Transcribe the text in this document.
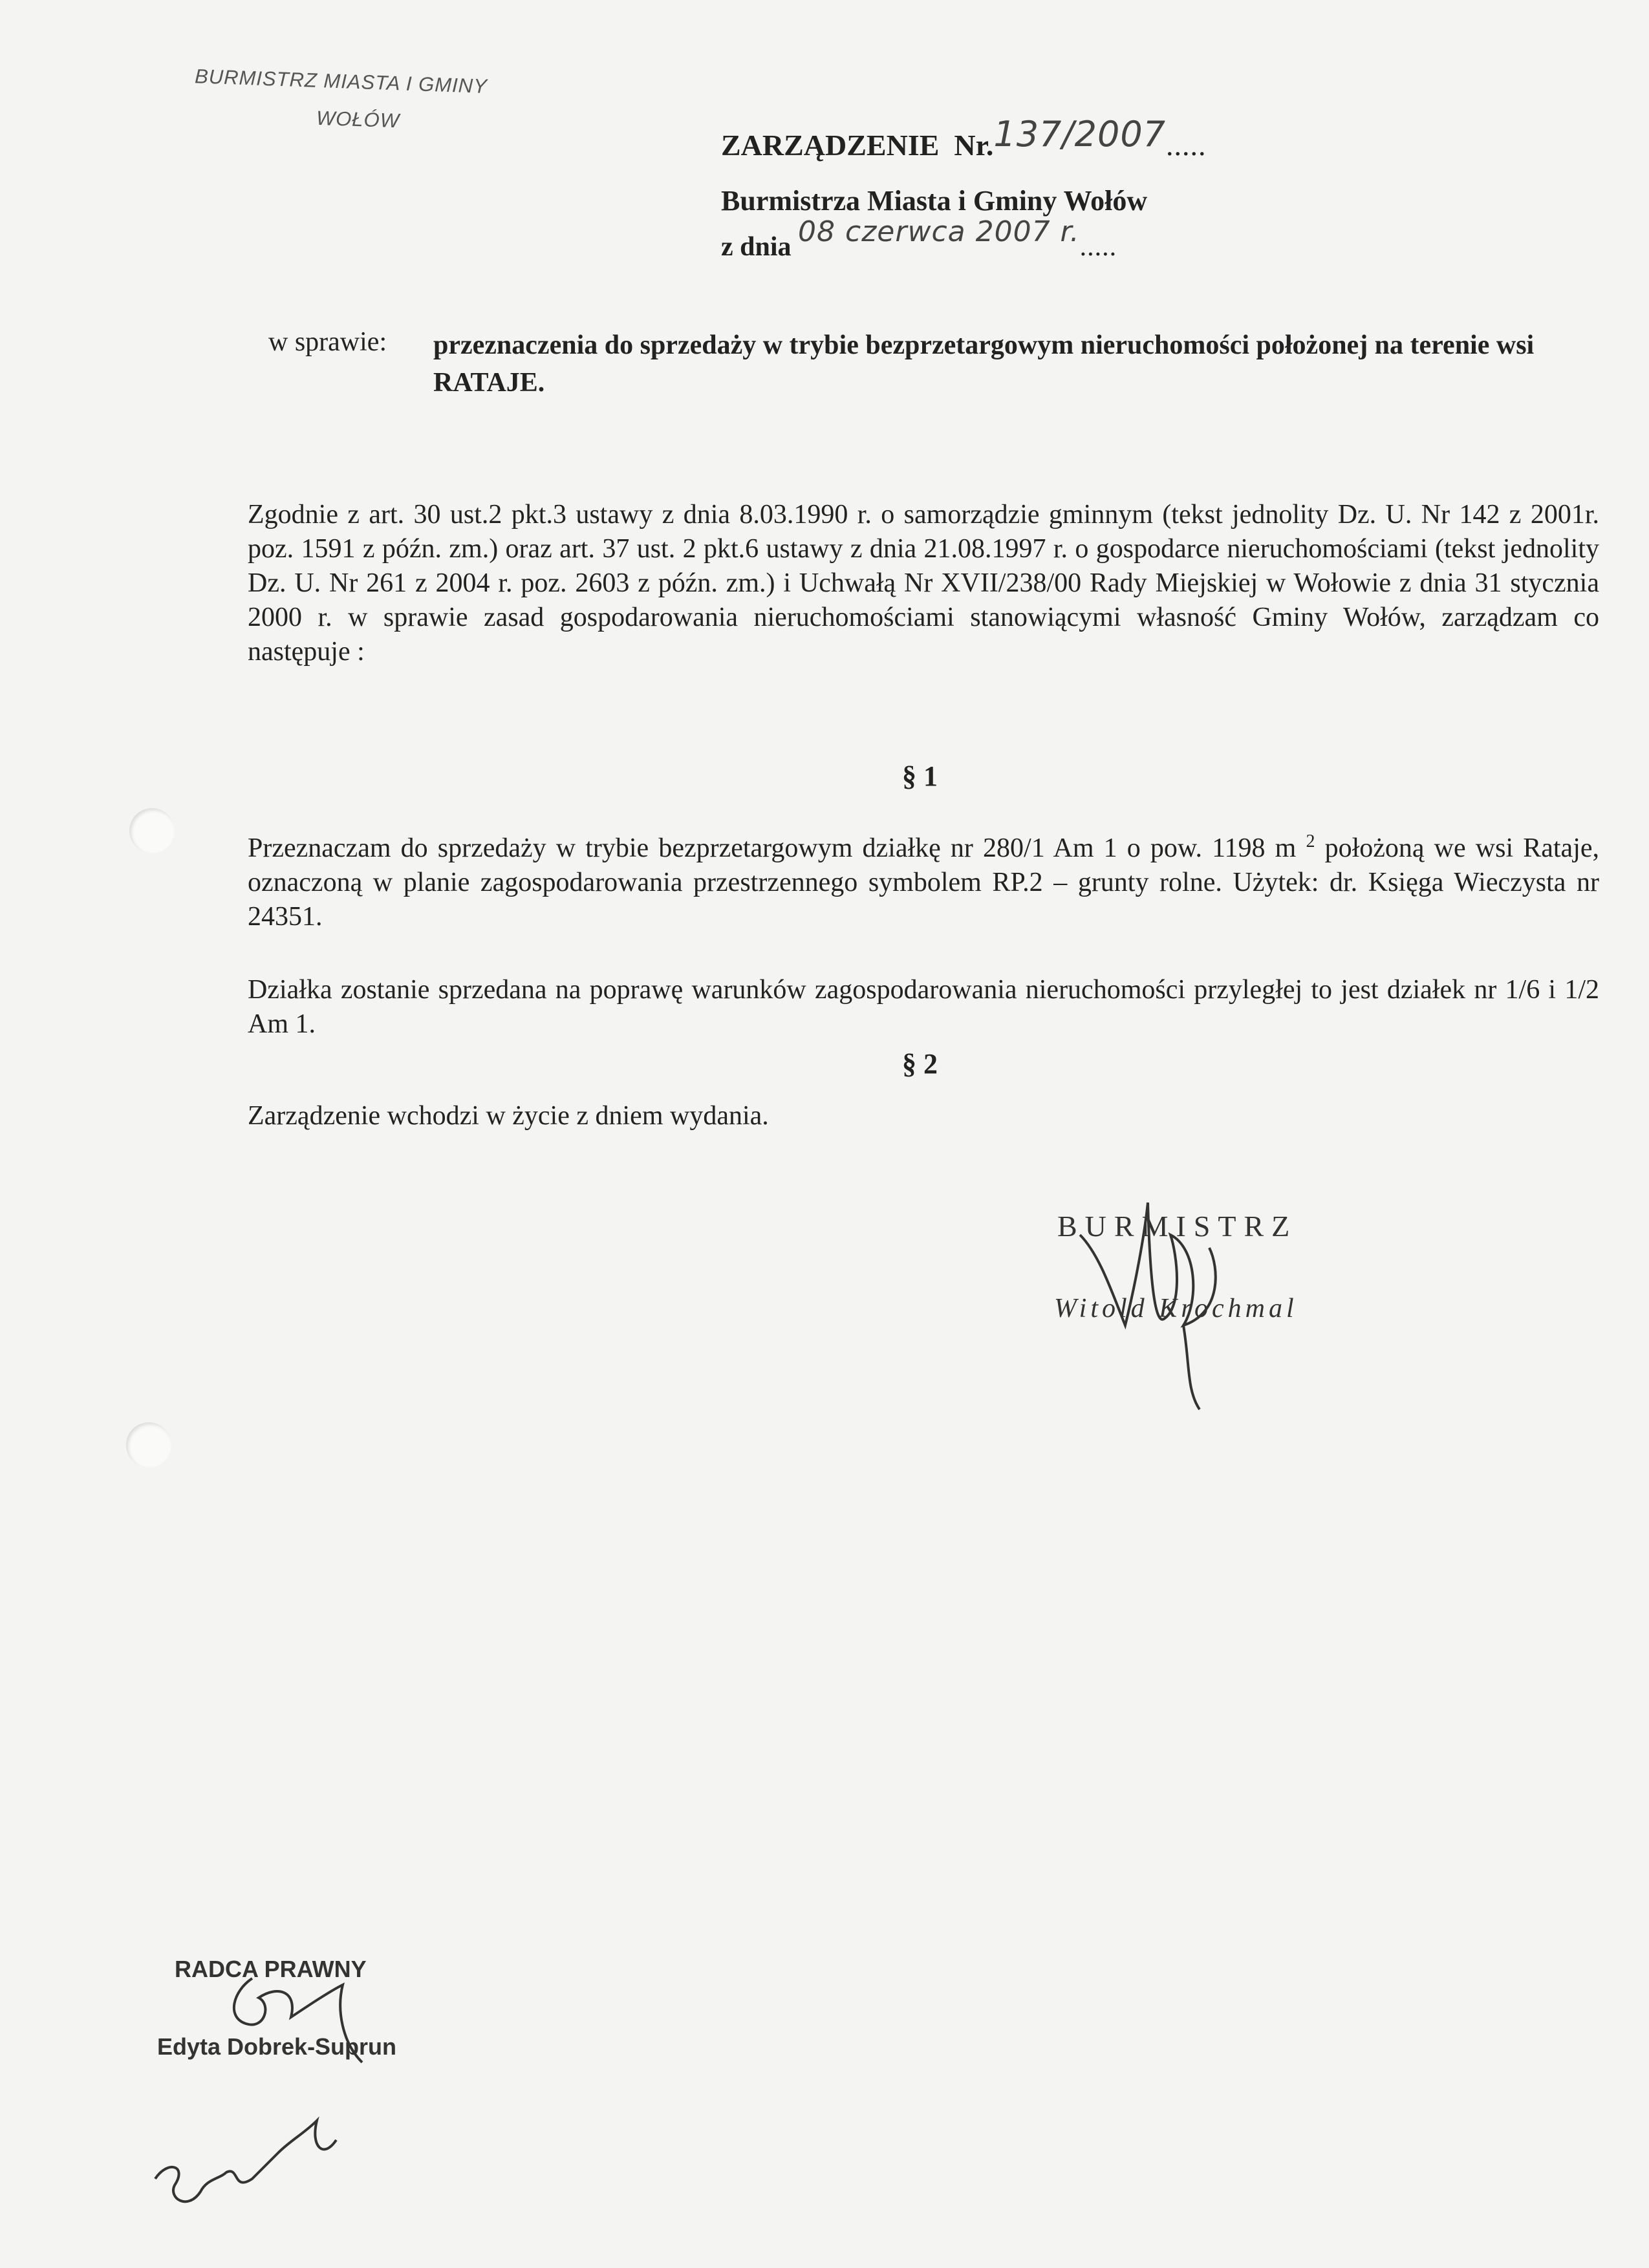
BURMISTRZ MIASTA I GMINY
WOŁÓW
ZARZĄDZENIE Nr.137/2007.....
Burmistrza Miasta i Gminy Wołów
z dnia 08 czerwca 2007 r......
w sprawie: przeznaczenia do sprzedaży w trybie bezprzetargowym nieruchomości położonej na terenie wsi RATAJE.
Zgodnie z art. 30 ust.2 pkt.3 ustawy z dnia 8.03.1990 r. o samorządzie gminnym (tekst jednolity Dz. U. Nr 142 z 2001r. poz. 1591 z późn. zm.) oraz art. 37 ust. 2 pkt.6 ustawy z dnia 21.08.1997 r. o gospodarce nieruchomościami (tekst jednolity Dz. U. Nr 261 z 2004 r. poz. 2603 z późn. zm.) i Uchwałą Nr XVII/238/00 Rady Miejskiej w Wołowie z dnia 31 stycznia 2000 r. w sprawie zasad gospodarowania nieruchomościami stanowiącymi własność Gminy Wołów, zarządzam co następuje :
§ 1
Przeznaczam do sprzedaży w trybie bezprzetargowym działkę nr 280/1 Am 1 o pow. 1198 m $^2$ położoną we wsi Rataje, oznaczoną w planie zagospodarowania przestrzennego symbolem RP.2 – grunty rolne. Użytek: dr. Księga Wieczysta nr 24351.
Działka zostanie sprzedana na poprawę warunków zagospodarowania nieruchomości przyległej to jest działek nr 1/6 i 1/2 Am 1.
§ 2
Zarządzenie wchodzi w życie z dniem wydania.
BURMISTRZ
Witold Krochmal
RADCA PRAWNY
Edyta Dobrek-Suprun
